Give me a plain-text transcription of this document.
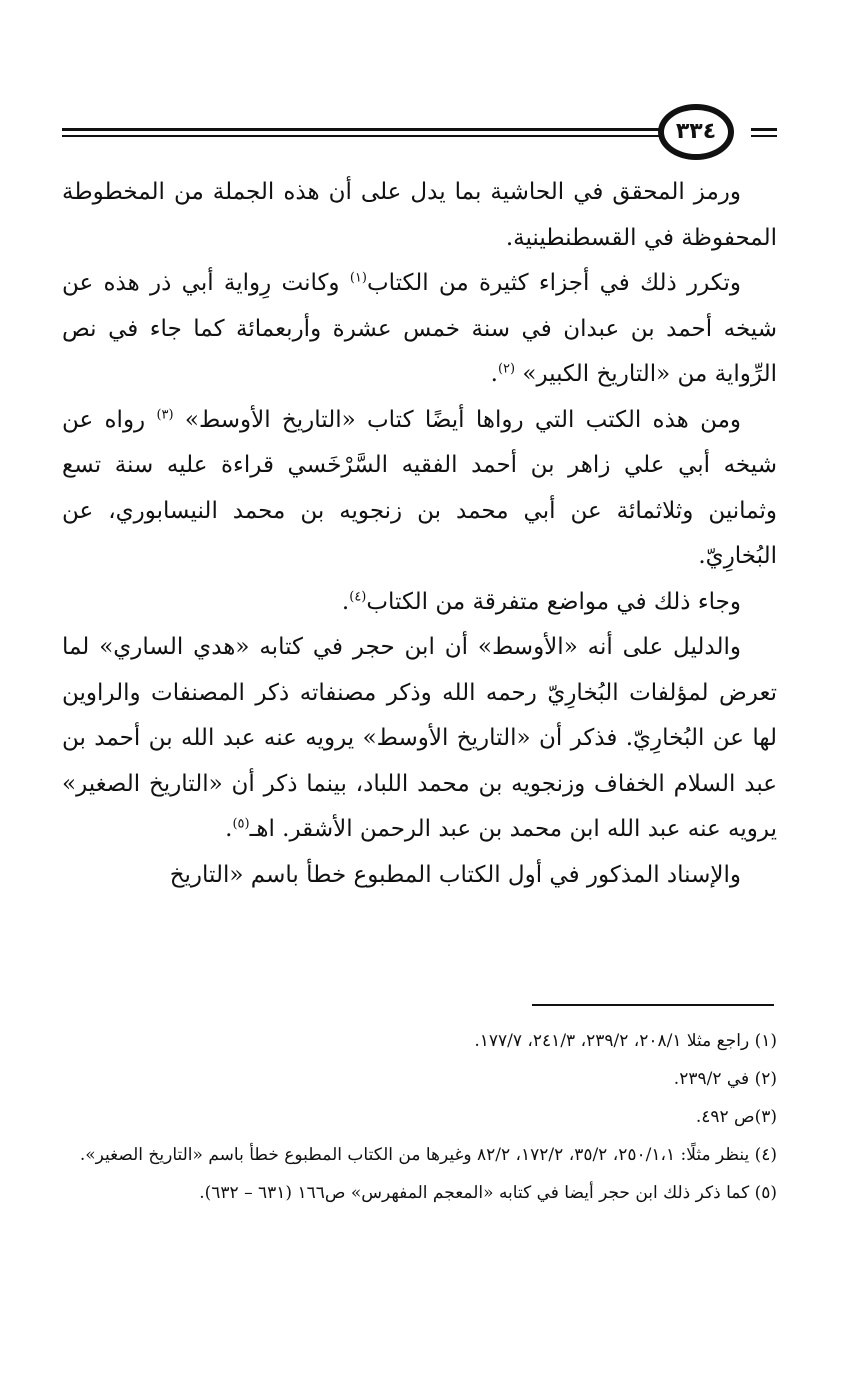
٣٣٤

ورمز المحقق في الحاشية بما يدل على أن هذه الجملة من المخطوطة المحفوظة في القسطنطينية.

وتكرر ذلك في أجزاء كثيرة من الكتاب$^{(١)}$ وكانت رِواية أبي ذر هذه عن شيخه أحمد بن عبدان في سنة خمس عشرة وأربعمائة كما جاء في نص الرِّواية من «التاريخ الكبير» $^{(٢)}$.

ومن هذه الكتب التي رواها أيضًا كتاب «التاريخ الأوسط» $^{(٣)}$ رواه عن شيخه أبي علي زاهر بن أحمد الفقيه السَّرْخَسي قراءة عليه سنة تسع وثمانين وثلاثمائة عن أبي محمد بن زنجويه بن محمد النيسابوري، عن البُخارِيّ.

وجاء ذلك في مواضع متفرقة من الكتاب$^{(٤)}$.

والدليل على أنه «الأوسط» أن ابن حجر في كتابه «هدي الساري» لما تعرض لمؤلفات البُخارِيّ رحمه الله وذكر مصنفاته ذكر المصنفات والراوين لها عن البُخارِيّ. فذكر أن «التاريخ الأوسط» يرويه عنه عبد الله بن أحمد بن عبد السلام الخفاف وزنجويه بن محمد اللباد، بينما ذكر أن «التاريخ الصغير» يرويه عنه عبد الله ابن محمد بن عبد الرحمن الأشقر. اهـ$^{(٥)}$.

والإسناد المذكور في أول الكتاب المطبوع خطأ باسم «التاريخ

(١) راجع مثلا ٢٠٨/١، ٢٣٩/٢، ٢٤١/٣، ١٧٧/٧.

(٢) في ٢٣٩/٢.

(٣)ص ٤٩٢.

(٤) ينظر مثلًا: ٢٥٠/١،١، ٣٥/٢، ١٧٢/٢، ٨٢/٢ وغيرها من الكتاب المطبوع خطأ باسم «التاريخ الصغير».

(٥) كما ذكر ذلك ابن حجر أيضا في كتابه «المعجم المفهرس» ص١٦٦ (٦٣١ – ٦٣٢).
